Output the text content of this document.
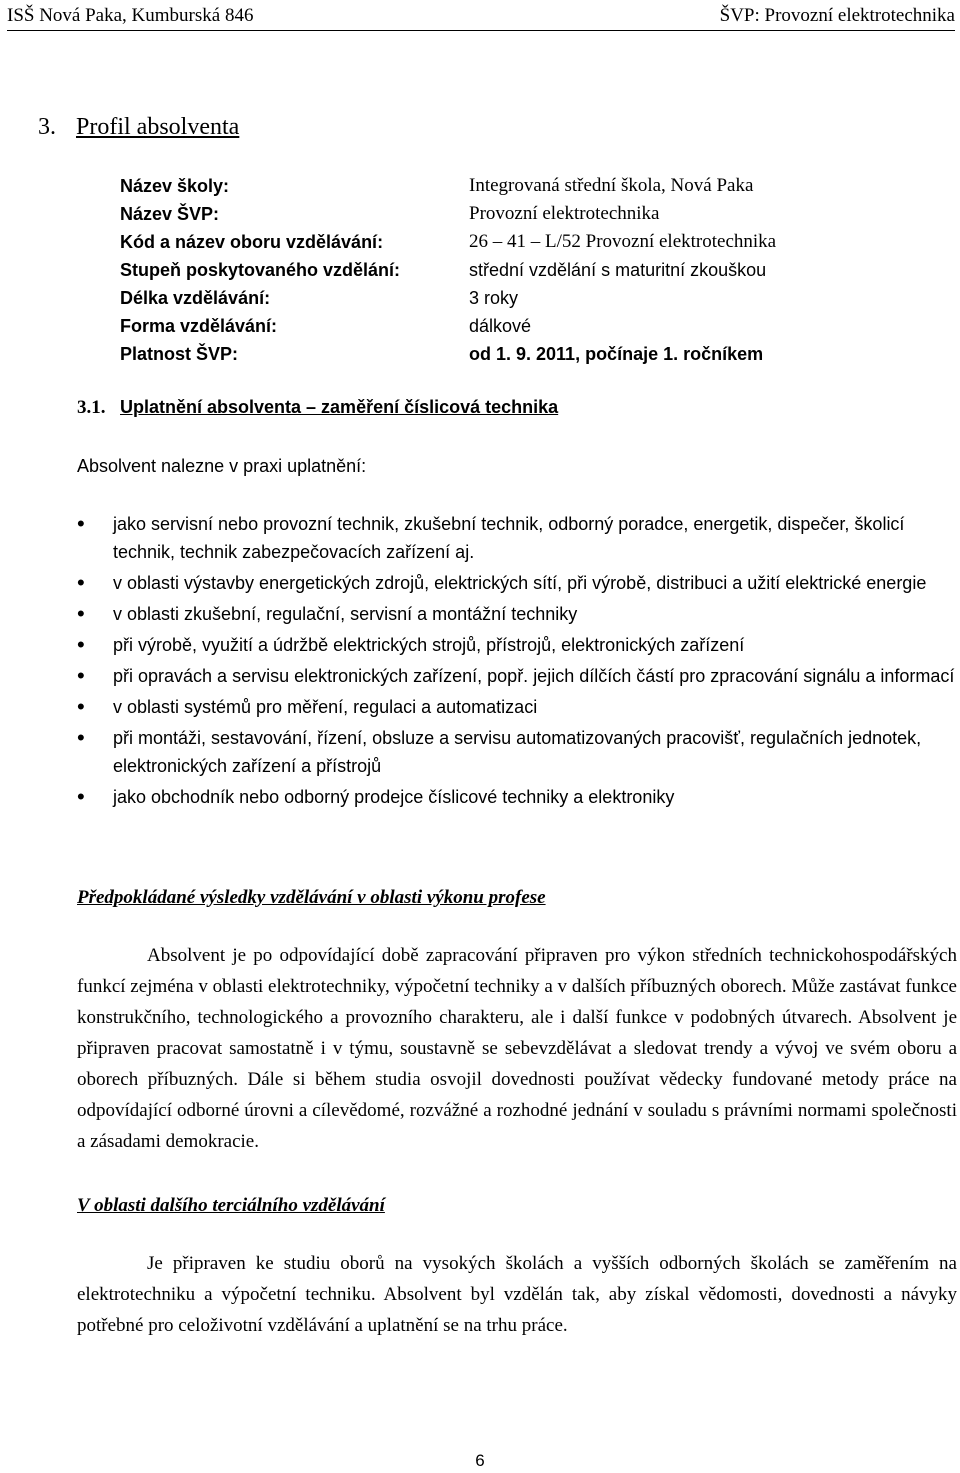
ISŠ Nová Paka, Kumburská 846	ŠVP: Provozní elektrotechnika
3. Profil absolventa
Název školy:	Integrovaná střední škola, Nová Paka
Název ŠVP:	Provozní elektrotechnika
Kód a název oboru vzdělávání:	26 – 41 – L/52 Provozní elektrotechnika
Stupeň poskytovaného vzdělání:	střední vzdělání s maturitní zkouškou
Délka vzdělávání:	3 roky
Forma vzdělávání:	dálkové
Platnost ŠVP:	od 1. 9. 2011, počínaje 1. ročníkem
3.1. Uplatnění absolventa – zaměření číslicová technika
Absolvent nalezne v praxi uplatnění:
• jako servisní nebo provozní technik, zkušební technik, odborný poradce, energetik, dispečer, školicí technik, technik zabezpečovacích zařízení aj.
• v oblasti výstavby energetických zdrojů, elektrických sítí, při výrobě, distribuci a užití elektrické energie
• v oblasti zkušební, regulační, servisní a montážní techniky
• při výrobě, využití a údržbě elektrických strojů, přístrojů, elektronických zařízení
• při opravách a servisu elektronických zařízení, popř. jejich dílčích částí pro zpracování signálu a informací
• v oblasti systémů pro měření, regulaci a automatizaci
• při montáži, sestavování, řízení, obsluze a servisu automatizovaných pracovišť, regulačních jednotek, elektronických zařízení a přístrojů
• jako obchodník nebo odborný prodejce číslicové techniky a elektroniky
Předpokládané výsledky vzdělávání v oblasti výkonu profese
Absolvent je po odpovídající době zapracování připraven pro výkon středních technickohospodářských funkcí zejména v oblasti elektrotechniky, výpočetní techniky a v dalších příbuzných oborech. Může zastávat funkce konstrukčního, technologického a provozního charakteru, ale i další funkce v podobných útvarech. Absolvent je připraven pracovat samostatně i v týmu, soustavně se sebevzdělávat a sledovat trendy a vývoj ve svém oboru a oborech příbuzných. Dále si během studia osvojil dovednosti používat vědecky fundované metody práce na odpovídající odborné úrovni a cílevědomé, rozvážné a rozhodné jednání v souladu s právními normami společnosti a zásadami demokracie.
V oblasti dalšího terciálního vzdělávání
Je připraven ke studiu oborů na vysokých školách a vyšších odborných školách se zaměřením na elektrotechniku a výpočetní techniku. Absolvent byl vzdělán tak, aby získal vědomosti, dovednosti a návyky potřebné pro celoživotní vzdělávání a uplatnění se na trhu práce.
6
